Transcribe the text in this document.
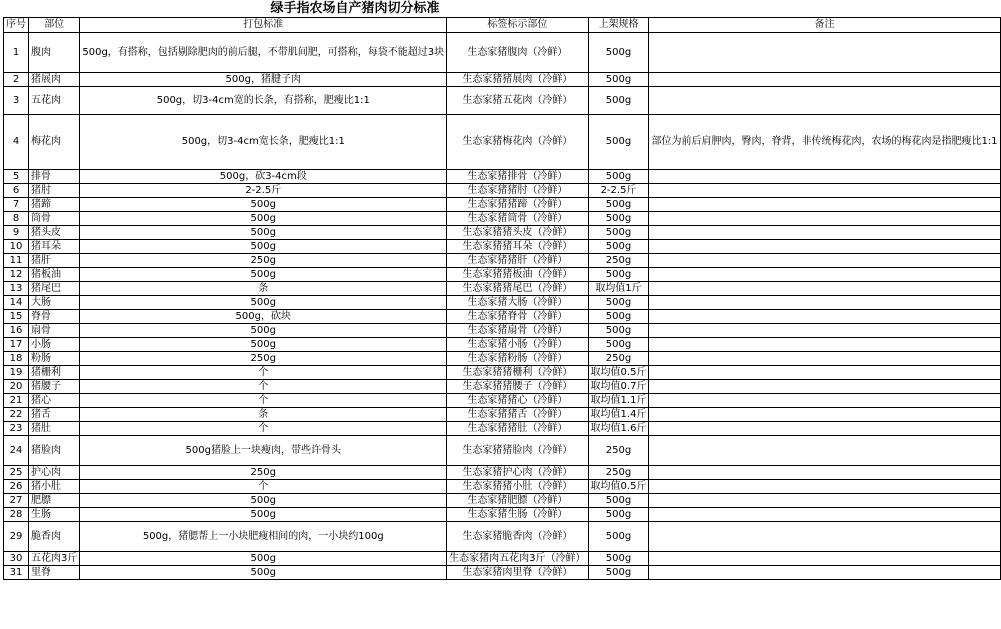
绿手指农场自产猪肉切分标准
序号	部位	打包标准	标签标示部位	上架规格	备注
1	腹肉	500g，有搭称，包括剔除肥肉的前后腿，不带肌间肥，可搭称，每袋不能超过3块	生态家猪腹肉（冷鲜）	500g	
2	猪展肉	500g，猪腱子肉	生态家猪猪展肉（冷鲜）	500g	
3	五花肉	500g，切3-4cm宽的长条，有搭称，肥瘦比1:1	生态家猪五花肉（冷鲜）	500g	
4	梅花肉	500g，切3-4cm宽长条，肥瘦比1:1	生态家猪梅花肉（冷鲜）	500g	部位为前后肩胛肉，臀肉，脊背，非传统梅花肉，农场的梅花肉是指肥瘦比1:1
5	排骨	500g，砍3-4cm段	生态家猪排骨（冷鲜）	500g	
6	猪肘	2-2.5斤	生态家猪猪肘（冷鲜）	2-2.5斤	
7	猪蹄	500g	生态家猪猪蹄（冷鲜）	500g	
8	筒骨	500g	生态家猪筒骨（冷鲜）	500g	
9	猪头皮	500g	生态家猪猪头皮（冷鲜）	500g	
10	猪耳朵	500g	生态家猪猪耳朵（冷鲜）	500g	
11	猪肝	250g	生态家猪猪肝（冷鲜）	250g	
12	猪板油	500g	生态家猪猪板油（冷鲜）	500g	
13	猪尾巴	条	生态家猪猪尾巴（冷鲜）	取均值1斤	
14	大肠	500g	生态家猪大肠（冷鲜）	500g	
15	脊骨	500g，砍块	生态家猪脊骨（冷鲜）	500g	
16	扇骨	500g	生态家猪扇骨（冷鲜）	500g	
17	小肠	500g	生态家猪小肠（冷鲜）	500g	
18	粉肠	250g	生态家猪粉肠（冷鲜）	250g	
19	猪栅利	个	生态家猪猪栅利（冷鲜）	取均值0.5斤	
20	猪腰子	个	生态家猪猪腰子（冷鲜）	取均值0.7斤	
21	猪心	个	生态家猪猪心（冷鲜）	取均值1.1斤	
22	猪舌	条	生态家猪猪舌（冷鲜）	取均值1.4斤	
23	猪肚	个	生态家猪猪肚（冷鲜）	取均值1.6斤	
24	猪脸肉	500g猪脸上一块瘦肉，带些许骨头	生态家猪猪脸肉（冷鲜）	250g	
25	护心肉	250g	生态家猪护心肉（冷鲜）	250g	
26	猪小肚	个	生态家猪猪小肚（冷鲜）	取均值0.5斤	
27	肥膘	500g	生态家猪肥膘（冷鲜）	500g	
28	生肠	500g	生态家猪生肠（冷鲜）	500g	
29	脆香肉	500g，猪腮帮上一小块肥瘦相间的肉，一小块约100g	生态家猪脆香肉（冷鲜）	500g	
30	五花肉3斤	500g	生态家猪肉五花肉3斤（冷鲜）	500g	
31	里脊	500g	生态家猪肉里脊（冷鲜）	500g	
